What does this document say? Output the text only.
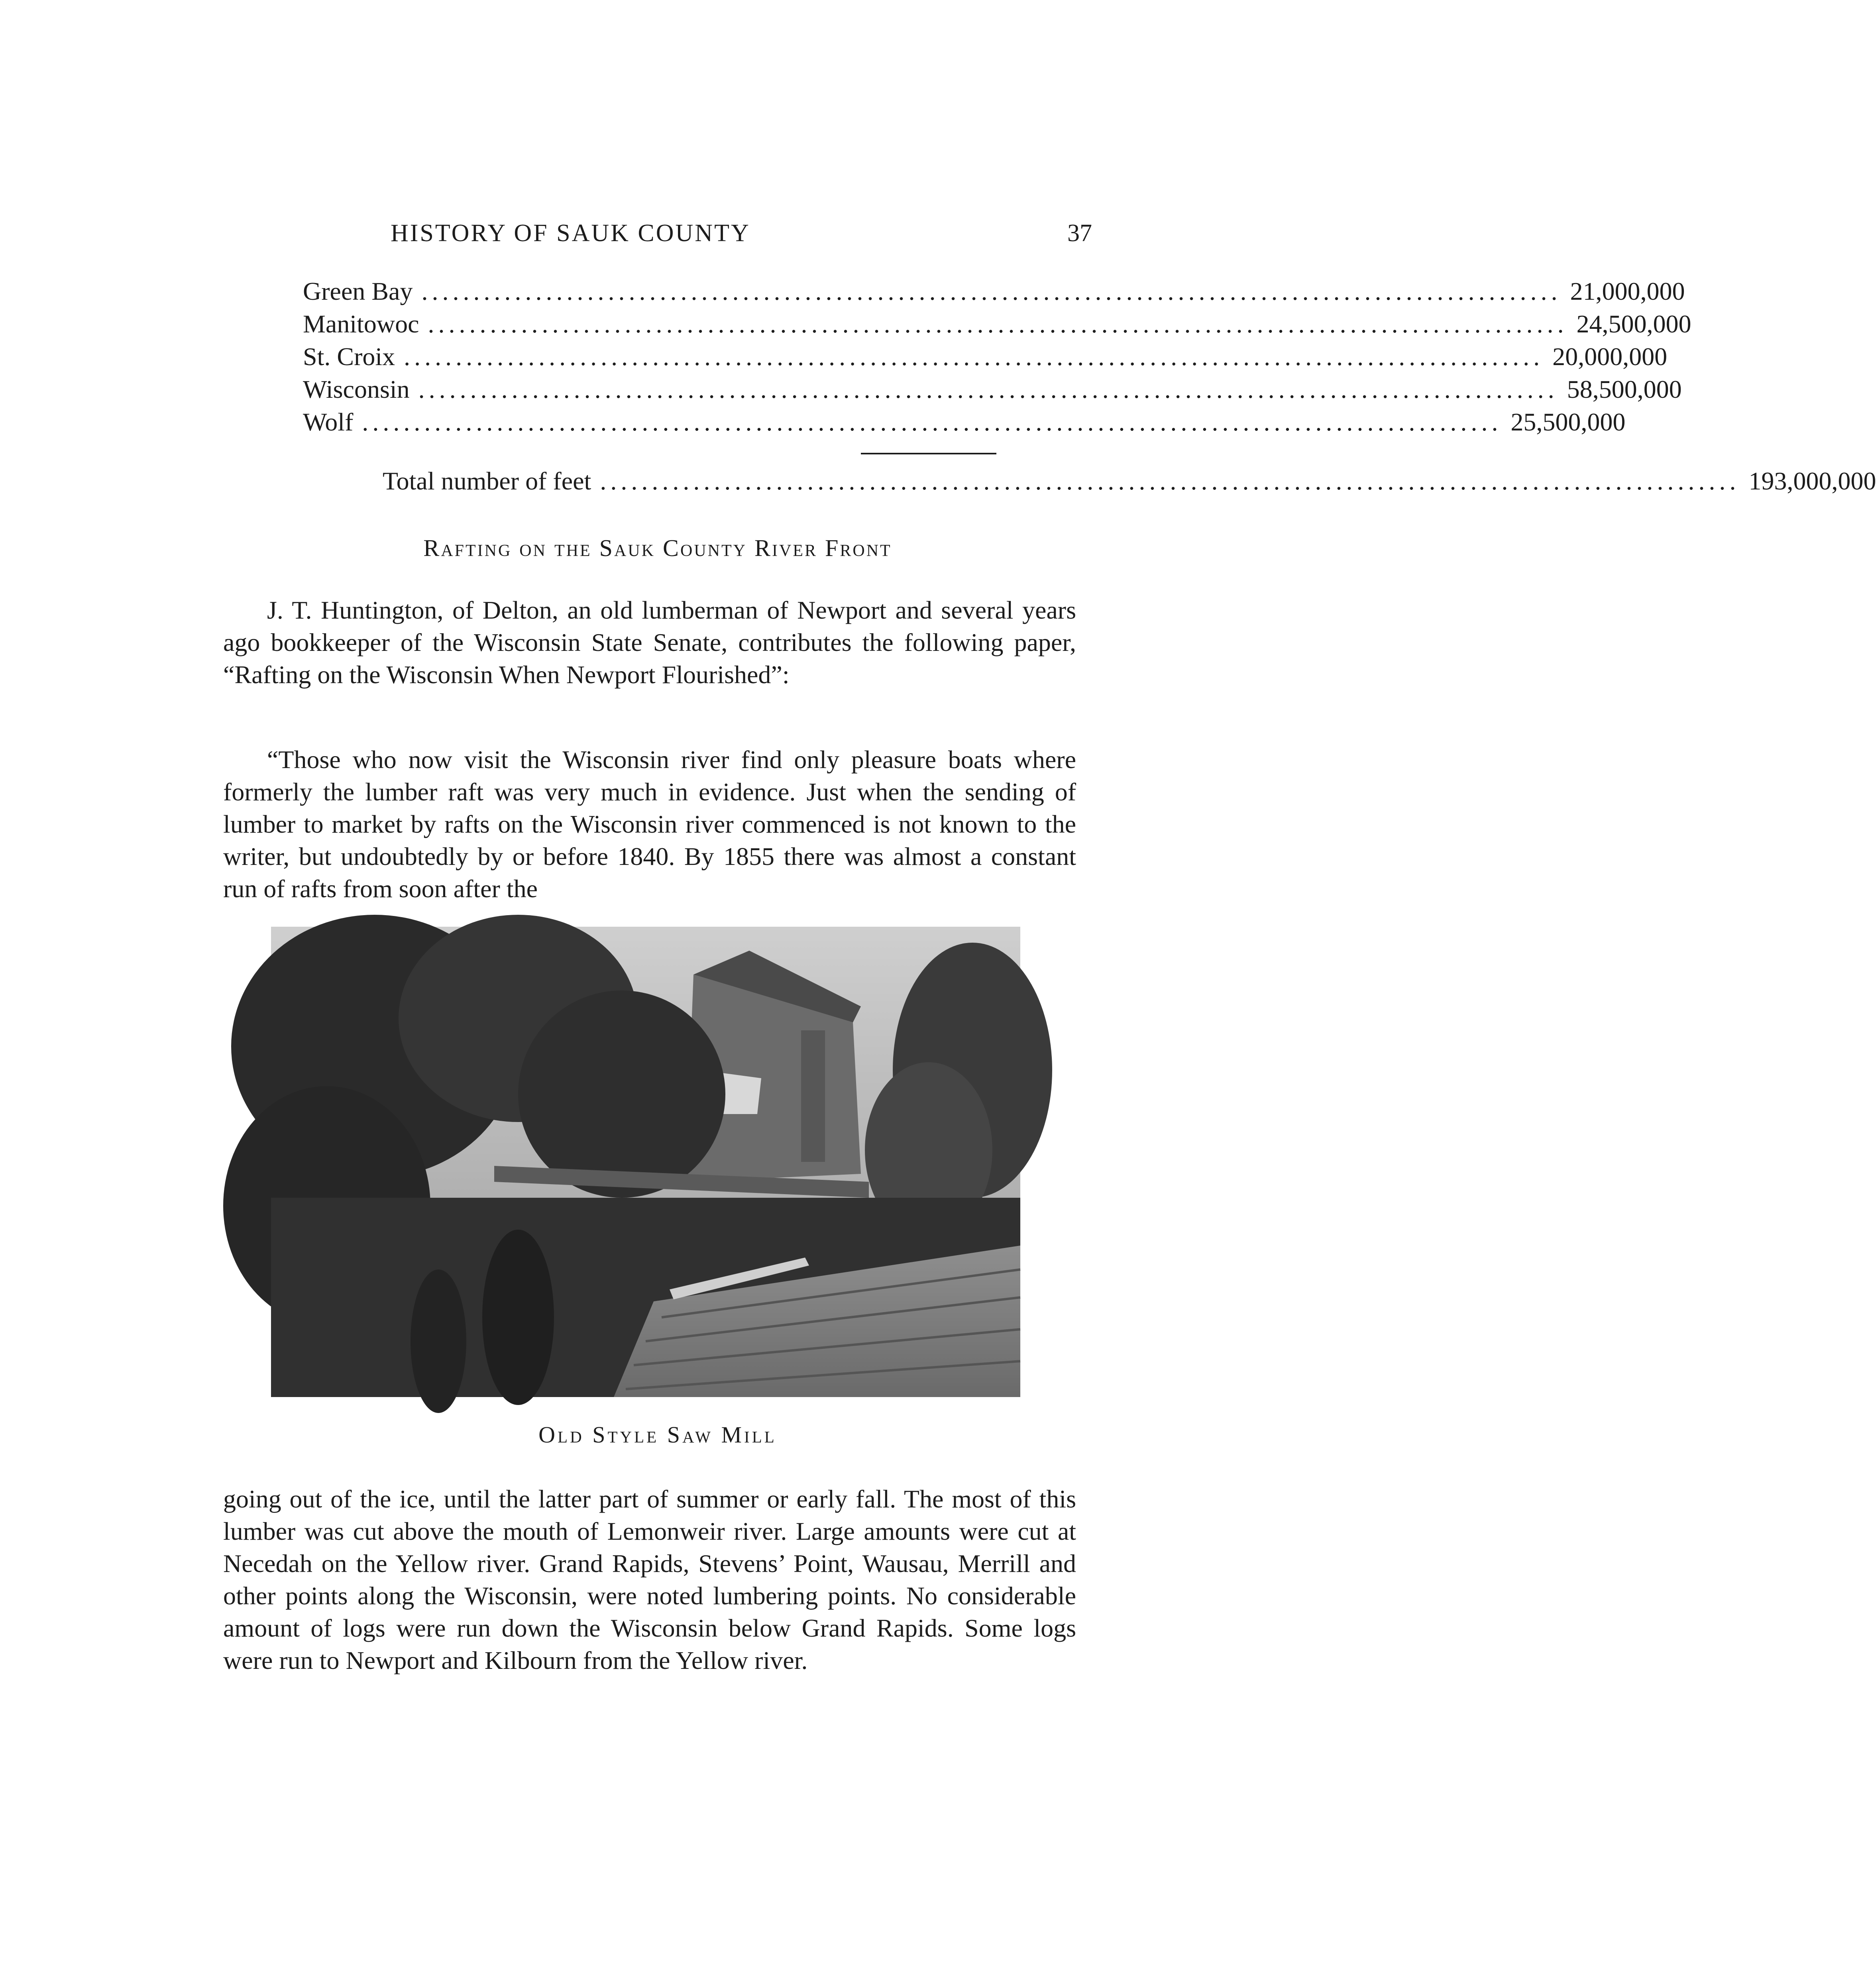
HISTORY OF SAUK COUNTY	37
Green Bay .............................................................................................................. 21,000,000
Manitowoc .............................................................................................................. 24,500,000
St. Croix .............................................................................................................. 20,000,000
Wisconsin .............................................................................................................. 58,500,000
Wolf .............................................................................................................. 25,500,000
Total number of feet .............................................................................................................. 193,000,000
Rafting on the Sauk County River Front

J. T. Huntington, of Delton, an old lumberman of Newport and several years ago bookkeeper of the Wisconsin State Senate, contributes the following paper, “Rafting on the Wisconsin When Newport Flourished”:

“Those who now visit the Wisconsin river find only pleasure boats where formerly the lumber raft was very much in evidence. Just when the sending of lumber to market by rafts on the Wisconsin river commenced is not known to the writer, but undoubtedly by or before 1840. By 1855 there was almost a constant run of rafts from soon after the

Old Style Saw Mill

going out of the ice, until the latter part of summer or early fall. The most of this lumber was cut above the mouth of Lemonweir river. Large amounts were cut at Necedah on the Yellow river. Grand Rapids, Stevens’ Point, Wausau, Merrill and other points along the Wisconsin, were noted lumbering points. No considerable amount of logs were run down the Wisconsin below Grand Rapids. Some logs were run to Newport and Kilbourn from the Yellow river.
